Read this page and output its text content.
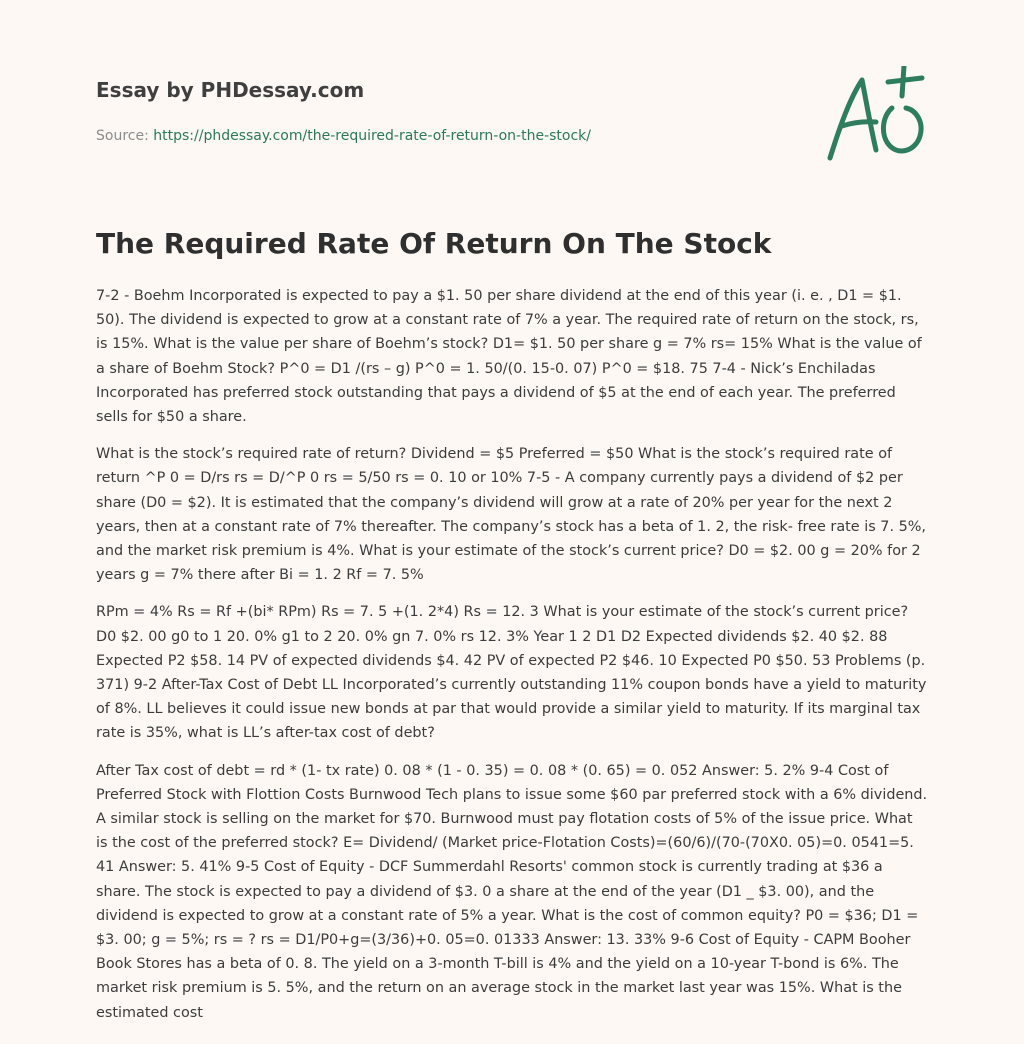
Essay by PHDessay.com
Source: https://phdessay.com/the-required-rate-of-return-on-the-stock/
The Required Rate Of Return On The Stock

7-2 - Boehm Incorporated is expected to pay a $1. 50 per share dividend at the end of this year (i. e. , D1 = $1. 50). The dividend is expected to grow at a constant rate of 7% a year. The required rate of return on the stock, rs, is 15%. What is the value per share of Boehm’s stock? D1= $1. 50 per share g = 7% rs= 15% What is the value of a share of Boehm Stock? P^0 = D1 /(rs – g) P^0 = 1. 50/(0. 15-0. 07) P^0 = $18. 75 7-4 - Nick’s Enchiladas Incorporated has preferred stock outstanding that pays a dividend of $5 at the end of each year. The preferred sells for $50 a share.

What is the stock’s required rate of return? Dividend = $5 Preferred = $50 What is the stock’s required rate of return ^P 0 = D/rs rs = D/^P 0 rs = 5/50 rs = 0. 10 or 10% 7-5 - A company currently pays a dividend of $2 per share (D0 = $2). It is estimated that the company’s dividend will grow at a rate of 20% per year for the next 2 years, then at a constant rate of 7% thereafter. The company’s stock has a beta of 1. 2, the risk- free rate is 7. 5%, and the market risk premium is 4%. What is your estimate of the stock’s current price? D0 = $2. 00 g = 20% for 2 years g = 7% there after Bi = 1. 2 Rf = 7. 5%

RPm = 4% Rs = Rf +(bi* RPm) Rs = 7. 5 +(1. 2*4) Rs = 12. 3 What is your estimate of the stock’s current price? D0 $2. 00 g0 to 1 20. 0% g1 to 2 20. 0% gn 7. 0% rs 12. 3% Year 1 2 D1 D2 Expected dividends $2. 40 $2. 88 Expected P2 $58. 14 PV of expected dividends $4. 42 PV of expected P2 $46. 10 Expected P0 $50. 53 Problems (p. 371) 9-2 After-Tax Cost of Debt LL Incorporated’s currently outstanding 11% coupon bonds have a yield to maturity of 8%. LL believes it could issue new bonds at par that would provide a similar yield to maturity. If its marginal tax rate is 35%, what is LL’s after-tax cost of debt?

After Tax cost of debt = rd * (1- tx rate) 0. 08 * (1 - 0. 35) = 0. 08 * (0. 65) = 0. 052 Answer: 5. 2% 9-4 Cost of Preferred Stock with Flottion Costs Burnwood Tech plans to issue some $60 par preferred stock with a 6% dividend. A similar stock is selling on the market for $70. Burnwood must pay flotation costs of 5% of the issue price. What is the cost of the preferred stock? E= Dividend/ (Market price-Flotation Costs)=(60/6)/(70-(70X0. 05)=0. 0541=5. 41 Answer: 5. 41% 9-5 Cost of Equity - DCF Summerdahl Resorts' common stock is currently trading at $36 a share. The stock is expected to pay a dividend of $3. 0 a share at the end of the year (D1 _ $3. 00), and the dividend is expected to grow at a constant rate of 5% a year. What is the cost of common equity? P0 = $36; D1 = $3. 00; g = 5%; rs = ? rs = D1/P0+g=(3/36)+0. 05=0. 01333 Answer: 13. 33% 9-6 Cost of Equity - CAPM Booher Book Stores has a beta of 0. 8. The yield on a 3-month T-bill is 4% and the yield on a 10-year T-bond is 6%. The market risk premium is 5. 5%, and the return on an average stock in the market last year was 15%. What is the estimated cost
